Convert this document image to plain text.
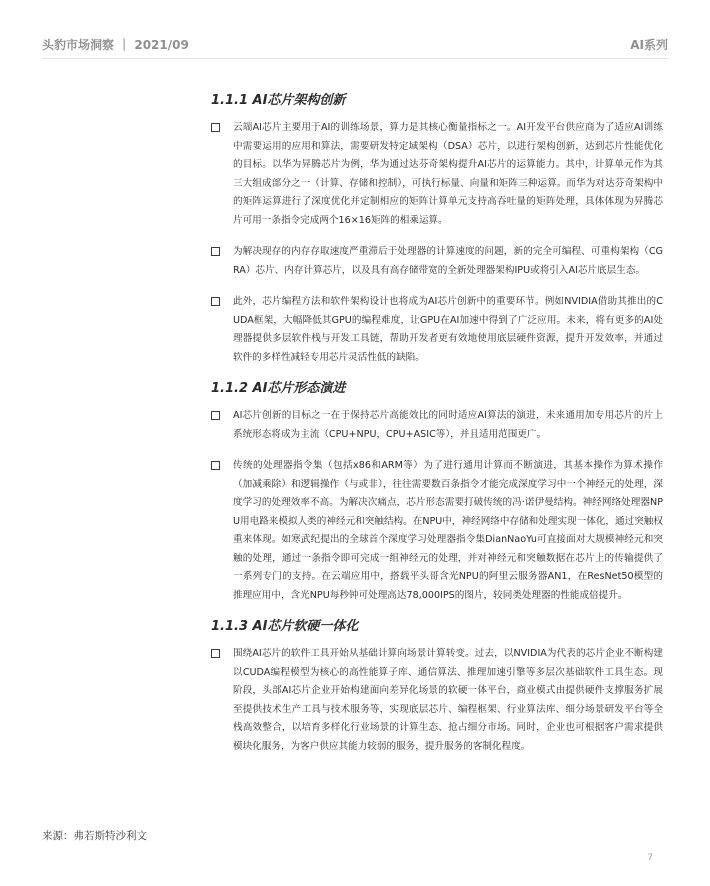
头豹市场洞察 ｜ 2021/09	AI系列
1.1.1 AI芯片架构创新
云端AI芯片主要用于AI的训练场景，算力是其核心衡量指标之一。AI开发平台供应商为了适应AI训练中需要运用的应用和算法，需要研发特定域架构（DSA）芯片，以进行架构创新，达到芯片性能优化的目标。以华为昇腾芯片为例，华为通过达芬奇架构提升AI芯片的运算能力。其中，计算单元作为其三大组成部分之一（计算、存储和控制），可执行标量、向量和矩阵三种运算。而华为对达芬奇架构中的矩阵运算进行了深度优化并定制相应的矩阵计算单元支持高吞吐量的矩阵处理，具体体现为昇腾芯片可用一条指令完成两个16×16矩阵的相乘运算。
为解决现存的内存存取速度严重滞后于处理器的计算速度的问题，新的完全可编程、可重构架构（CGRA）芯片、内存计算芯片，以及具有高存储带宽的全新处理器架构IPU或将引入AI芯片底层生态。
此外，芯片编程方法和软件架构设计也将成为AI芯片创新中的重要环节。例如NVIDIA借助其推出的CUDA框架，大幅降低其GPU的编程难度，让GPU在AI加速中得到了广泛应用。未来，将有更多的AI处理器提供多层软件栈与开发工具链，帮助开发者更有效地使用底层硬件资源，提升开发效率，并通过软件的多样性减轻专用芯片灵活性低的缺陷。
1.1.2 AI芯片形态演进
AI芯片创新的目标之一在于保持芯片高能效比的同时适应AI算法的演进，未来通用加专用芯片的片上系统形态将成为主流（CPU+NPU，CPU+ASIC等），并且适用范围更广。
传统的处理器指令集（包括x86和ARM等）为了进行通用计算而不断演进，其基本操作为算术操作（加减乘除）和逻辑操作（与或非），往往需要数百条指令才能完成深度学习中一个神经元的处理，深度学习的处理效率不高。为解决次痛点，芯片形态需要打破传统的冯·诺伊曼结构。神经网络处理器NPU用电路来模拟人类的神经元和突触结构。在NPU中，神经网络中存储和处理实现一体化，通过突触权重来体现。如寒武纪提出的全球首个深度学习处理器指令集DianNaoYu可直接面对大规模神经元和突触的处理，通过一条指令即可完成一组神经元的处理，并对神经元和突触数据在芯片上的传输提供了一系列专门的支持。在云端应用中，搭载平头哥含光NPU的阿里云服务器AN1，在ResNet50模型的推理应用中，含光NPU每秒钟可处理高达78,000IPS的图片，较同类处理器的性能成倍提升。
1.1.3 AI芯片软硬一体化
围绕AI芯片的软件工具开始从基础计算向场景计算转变。过去，以NVIDIA为代表的芯片企业不断构建以CUDA编程模型为核心的高性能算子库、通信算法、推理加速引擎等多层次基础软件工具生态。现阶段，头部AI芯片企业开始构建面向差异化场景的软硬一体平台，商业模式由提供硬件支撑服务扩展至提供技术生产工具与技术服务等，实现底层芯片、编程框架、行业算法库、细分场景研发平台等全栈高效整合，以培育多样化行业场景的计算生态、抢占细分市场。同时，企业也可根据客户需求提供模块化服务，为客户供应其能力较弱的服务，提升服务的客制化程度。
来源：弗若斯特沙利文
7
